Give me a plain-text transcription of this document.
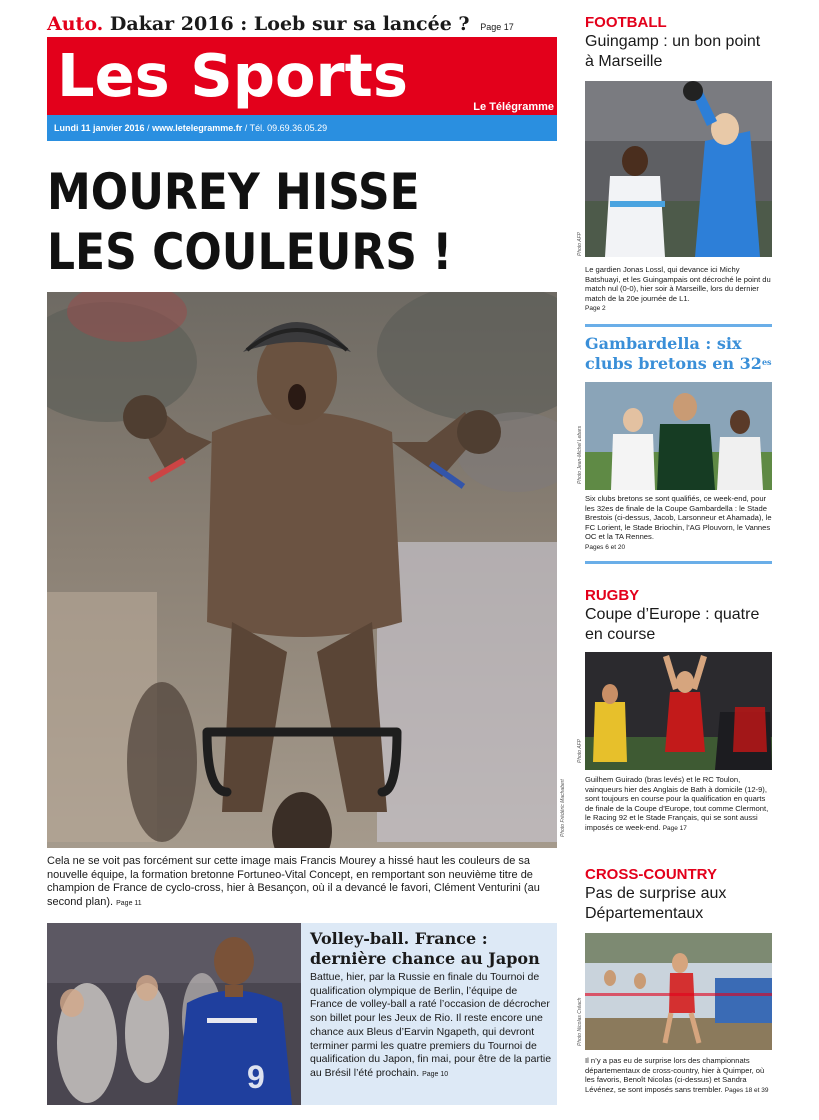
Auto. Dakar 2016 : Loeb sur sa lancée ? Page 17
Les Sports	Le Télégramme
Lundi 11 janvier 2016 / www.letelegramme.fr / Tél. 09.69.36.05.29
MOUREY HISSE
LES COULEURS !
Photo Frédéric Machabert
Cela ne se voit pas forcément sur cette image mais Francis Mourey a hissé haut les couleurs de sa nouvelle équipe, la formation bretonne Fortuneo-Vital Concept, en remportant son neuvième titre de champion de France de cyclo-cross, hier à Besançon, où il a devancé le favori, Clément Venturini (au second plan). Page 11
9
Volley-ball. France : dernière chance au Japon
Battue, hier, par la Russie en finale du Tournoi de qualification olympique de Berlin, l’équipe de France de volley-ball a raté l’occasion de décrocher son billet pour les Jeux de Rio. Il reste encore une chance aux Bleus d’Earvin Ngapeth, qui devront terminer parmi les quatre premiers du Tournoi de qualification du Japon, fin mai, pour être de la partie au Brésil l’été prochain. Page 10
FOOTBALL
Guingamp : un bon point à Marseille
Photo AFP
Le gardien Jonas Lossl, qui devance ici Michy Batshuayi, et les Guingampais ont décroché le point du match nul (0-0), hier soir à Marseille, lors du dernier match de la 20e journée de L1.
Page 2
Gambardella : six clubs bretons en $32^{es}$
Photo Jean-Michel Lebars
Six clubs bretons se sont qualifiés, ce week-end, pour les 32es de finale de la Coupe Gambardella : le Stade Brestois (ci-dessus, Jacob, Larsonneur et Ahamada), le FC Lorient, le Stade Briochin, l’AG Plouvorn, le Vannes OC et la TA Rennes.
Pages 6 et 20
RUGBY
Coupe d’Europe : quatre en course
Photo AFP
Guilhem Guirado (bras levés) et le RC Toulon, vainqueurs hier des Anglais de Bath à domicile (12-9), sont toujours en course pour la qualification en quarts de finale de la Coupe d’Europe, tout comme Clermont, le Racing 92 et le Stade Français, qui se sont aussi imposés ce week-end. Page 17
CROSS-COUNTRY
Pas de surprise aux Départementaux
Photo Nicolas Créach
Il n’y a pas eu de surprise lors des championnats départementaux de cross-country, hier à Quimper, où les favoris, Benoît Nicolas (ci-dessus) et Sandra Lévénez, se sont imposés sans trembler. Pages 18 et 39
